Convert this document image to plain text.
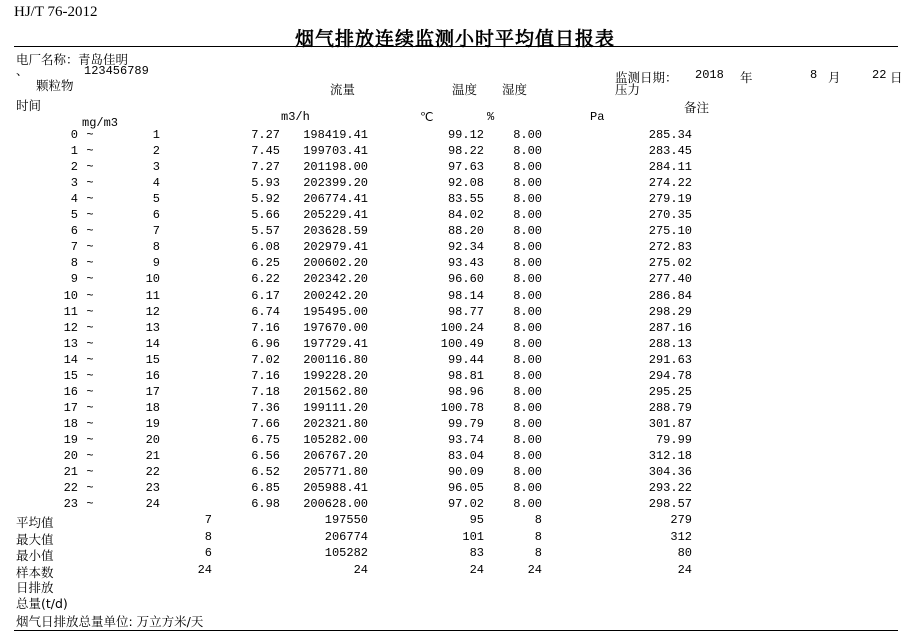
HJ/T 76-2012
烟气排放连续监测小时平均值日报表
电厂名称： 青岛佳明
、	123456789
颗粒物
时间
mg/m3
流量
m3/h
温度
℃
湿度
%
压力
Pa
备注
监测日期： 2018 年	8 月	22 日
0 ~	1	7.27	198419.41	99.12	8.00	285.34
1 ~	2	7.45	199703.41	98.22	8.00	283.45
2 ~	3	7.27	201198.00	97.63	8.00	284.11
3 ~	4	5.93	202399.20	92.08	8.00	274.22
4 ~	5	5.92	206774.41	83.55	8.00	279.19
5 ~	6	5.66	205229.41	84.02	8.00	270.35
6 ~	7	5.57	203628.59	88.20	8.00	275.10
7 ~	8	6.08	202979.41	92.34	8.00	272.83
8 ~	9	6.25	200602.20	93.43	8.00	275.02
9 ~	10	6.22	202342.20	96.60	8.00	277.40
10 ~	11	6.17	200242.20	98.14	8.00	286.84
11 ~	12	6.74	195495.00	98.77	8.00	298.29
12 ~	13	7.16	197670.00	100.24	8.00	287.16
13 ~	14	6.96	197729.41	100.49	8.00	288.13
14 ~	15	7.02	200116.80	99.44	8.00	291.63
15 ~	16	7.16	199228.20	98.81	8.00	294.78
16 ~	17	7.18	201562.80	98.96	8.00	295.25
17 ~	18	7.36	199111.20	100.78	8.00	288.79
18 ~	19	7.66	202321.80	99.79	8.00	301.87
19 ~	20	6.75	105282.00	93.74	8.00	79.99
20 ~	21	6.56	206767.20	83.04	8.00	312.18
21 ~	22	6.52	205771.80	90.09	8.00	304.36
22 ~	23	6.85	205988.41	96.05	8.00	293.22
23 ~	24	6.98	200628.00	97.02	8.00	298.57
平均值	7	197550	95	8	279
最大值	8	206774	101	8	312
最小值	6	105282	83	8	80
样本数	24	24	24	24	24
日排放
总量(t/d)
烟气日排放总量单位: 万立方米/天
